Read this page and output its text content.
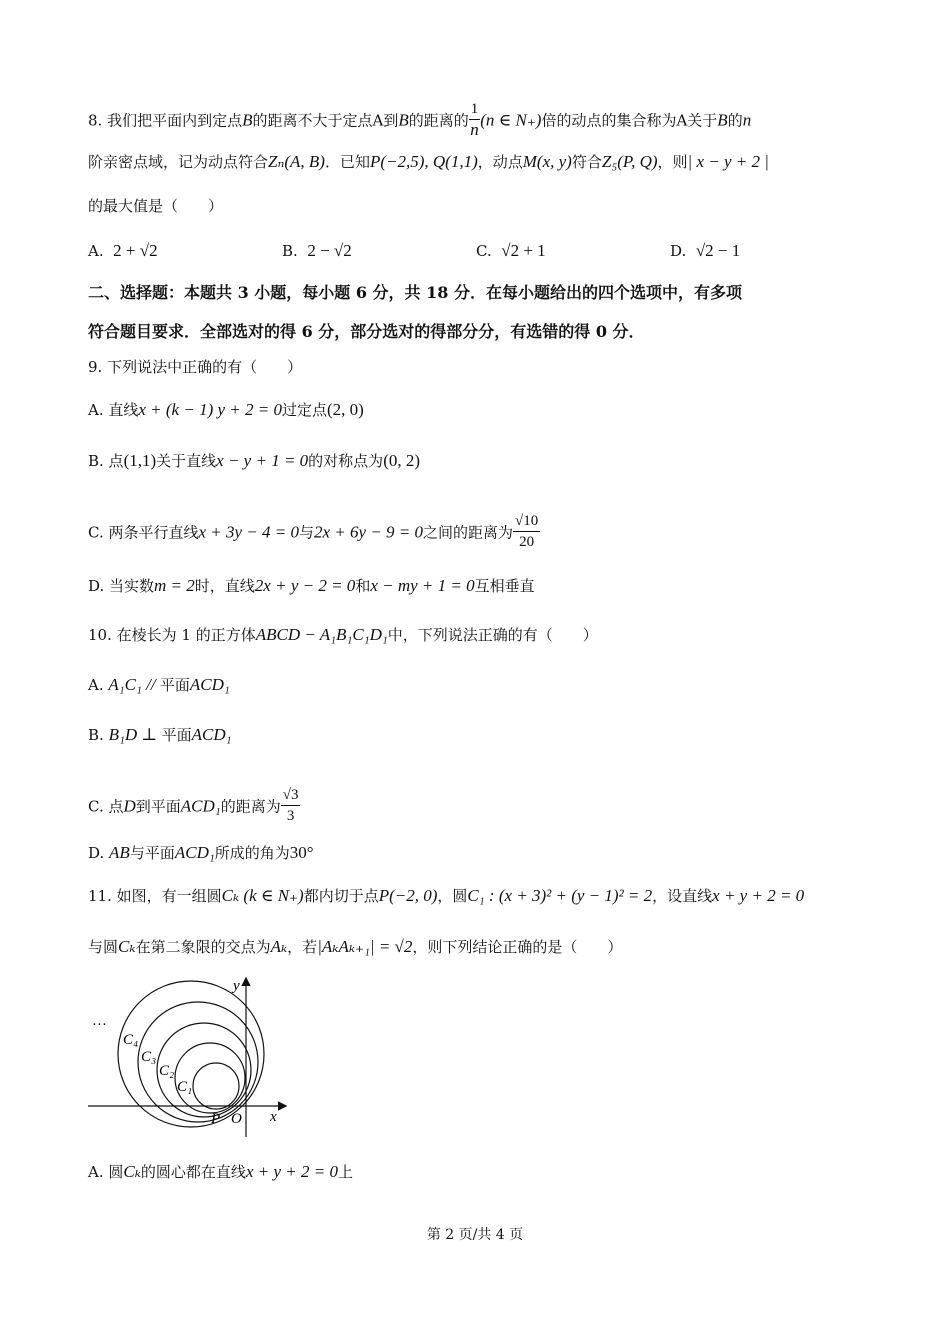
8. 我们把平面内到定点B的距离不大于定点A到B的距离的 $\frac{1}{n} (n$ ∈ N₊)倍的动点的集合称为A关于B的n
阶亲密点域，记为动点符合Zₙ(A, B)．已知P(−2,5), Q(1,1)，动点M(x, y)符合Z₅(P, Q)，则| x − y + 2 |
的最大值是（　　）
A. 2 + √2	B. 2 − √2	C. √2 + 1	D. √2 − 1
二、选择题：本题共 3 小题，每小题 6 分，共 18 分．在每小题给出的四个选项中，有多项
符合题目要求．全部选对的得 6 分，部分选对的得部分分，有选错的得 0 分．
9. 下列说法中正确的有（　　）
A. 直线x + (k − 1) y + 2 = 0过定点(2, 0)
B. 点(1,1)关于直线x − y + 1 = 0的对称点为(0, 2)
C. 两条平行直线x + 3y − 4 = 0与2x + 6y − 9 = 0之间的距离为 $\frac{√10}{20}$
D. 当实数m = 2时，直线2x + y − 2 = 0和x − my + 1 = 0互相垂直
10. 在棱长为 1 的正方体ABCD − A₁B₁C₁D₁中，下列说法正确的有（　　）
A. A₁C₁ // 平面ACD₁
B. B₁D ⊥ 平面ACD₁
C. 点D到平面ACD₁的距离为 $\frac{√3}{3}$
D. AB与平面ACD₁所成的角为30°
11. 如图，有一组圆Cₖ (k ∈ N₊)都内切于点P(−2, 0)，圆C₁ : (x + 3)² + (y − 1)² = 2，设直线x + y + 2 = 0
与圆Cₖ在第二象限的交点为Aₖ，若|AₖAₖ₊₁| = √2，则下列结论正确的是（　　）
…
C₄
C₃
C₂
C₁
P O x
y
A. 圆Cₖ的圆心都在直线x + y + 2 = 0上
第 2 页/共 4 页
